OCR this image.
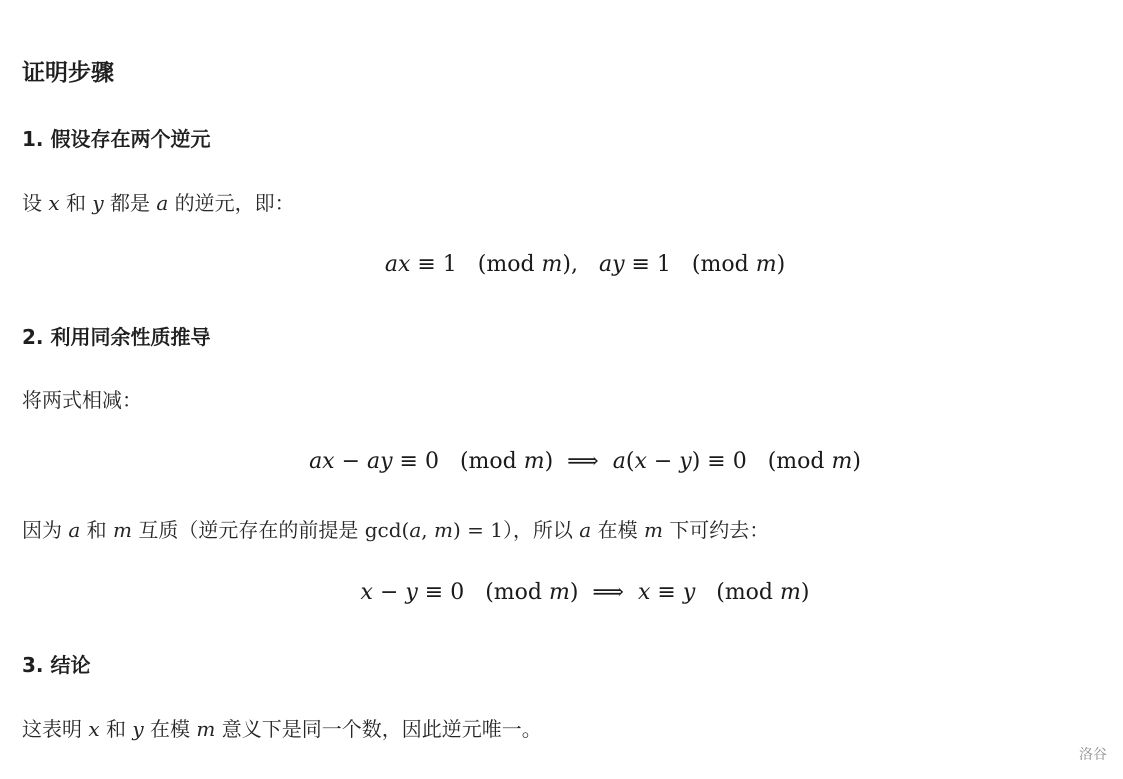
证明步骤
1. 假设存在两个逆元

设 x 和 y 都是 a 的逆元，即：

ax ≡ 1   (mod m),   ay ≡ 1   (mod m)

2. 利用同余性质推导

将两式相减：

ax − ay ≡ 0   (mod m)  ⟹  a(x − y) ≡ 0   (mod m)

因为 a 和 m 互质（逆元存在的前提是 gcd(a, m) = 1），所以 a 在模 m 下可约去：

x − y ≡ 0   (mod m)  ⟹  x ≡ y   (mod m)

3. 结论

这表明 x 和 y 在模 m 意义下是同一个数，因此逆元唯一。

洛谷
